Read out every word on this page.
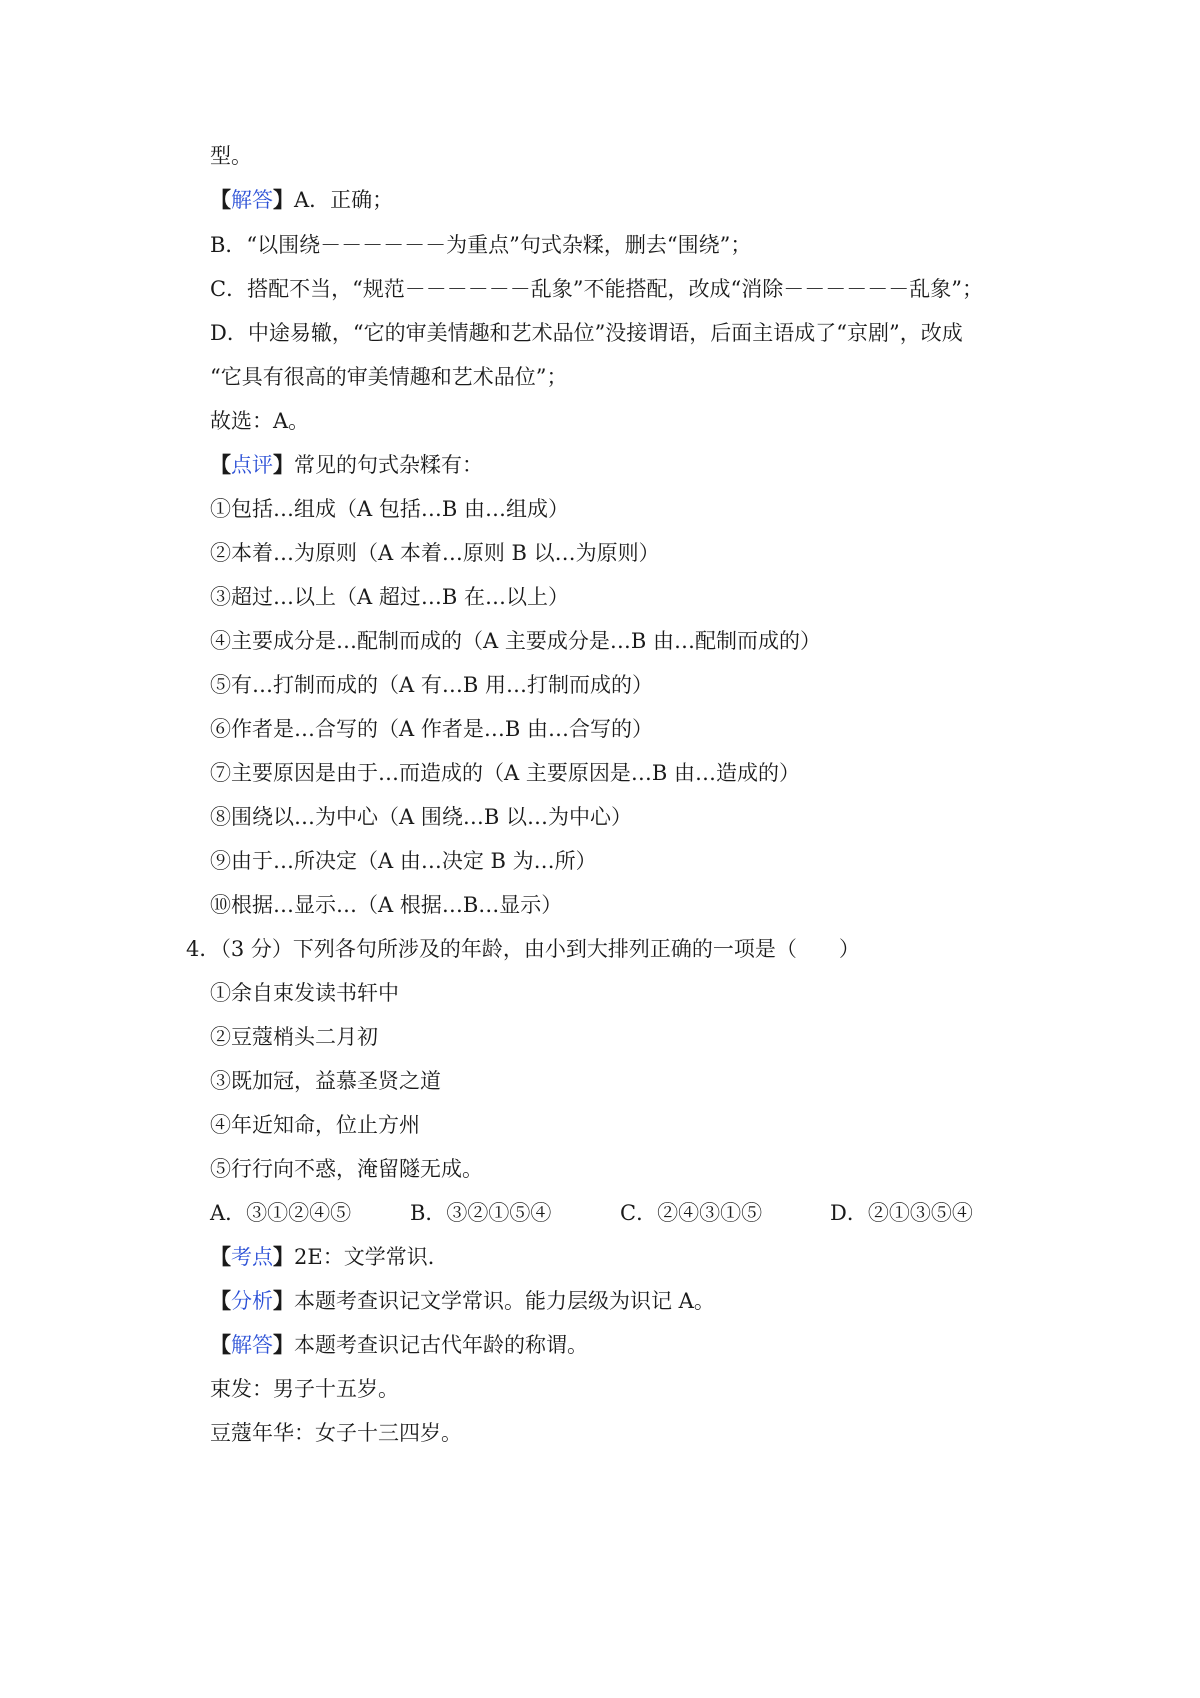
型。
【解答】A．正确；
B．“以围绕－－－－－－为重点”句式杂糅，删去“围绕”；
C．搭配不当，“规范－－－－－－乱象”不能搭配，改成“消除－－－－－－乱象”；
D．中途易辙，“它的审美情趣和艺术品位”没接谓语，后面主语成了“京剧”，改成
“它具有很高的审美情趣和艺术品位”；
故选：A。
【点评】常见的句式杂糅有：
①包括…组成（A 包括…B 由…组成）
②本着…为原则（A 本着…原则 B 以…为原则）
③超过…以上（A 超过…B 在…以上）
④主要成分是…配制而成的（A 主要成分是…B 由…配制而成的）
⑤有…打制而成的（A 有…B 用…打制而成的）
⑥作者是…合写的（A 作者是…B 由…合写的）
⑦主要原因是由于…而造成的（A 主要原因是…B 由…造成的）
⑧围绕以…为中心（A 围绕…B 以…为中心）
⑨由于…所决定（A 由…决定 B 为…所）
⑩根据…显示…（A 根据…B…显示）
4．（3 分）下列各句所涉及的年龄，由小到大排列正确的一项是（　　）
①余自束发读书轩中
②豆蔻梢头二月初
③既加冠，益慕圣贤之道
④年近知命，位止方州
⑤行行向不惑，淹留隧无成。
A．③①②④⑤	B．③②①⑤④	C．②④③①⑤	D．②①③⑤④
【考点】2E：文学常识．
【分析】本题考查识记文学常识。能力层级为识记 A。
【解答】本题考查识记古代年龄的称谓。
束发：男子十五岁。
豆蔻年华：女子十三四岁。
